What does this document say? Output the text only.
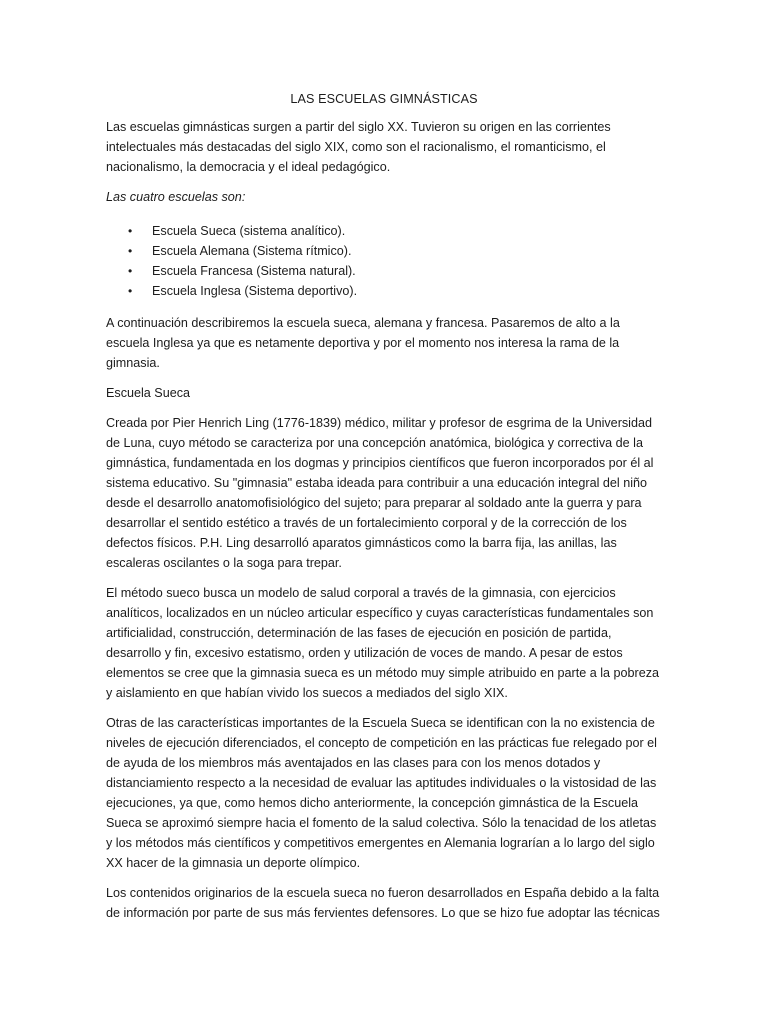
LAS ESCUELAS GIMNÁSTICAS

Las escuelas gimnásticas surgen a partir del siglo XX. Tuvieron su origen en las corrientes intelectuales más destacadas del siglo XIX, como son el racionalismo, el romanticismo, el nacionalismo, la democracia y el ideal pedagógico.

Las cuatro escuelas son:

• Escuela Sueca (sistema analítico).
• Escuela Alemana (Sistema rítmico).
• Escuela Francesa (Sistema natural).
• Escuela Inglesa (Sistema deportivo).

A continuación describiremos la escuela sueca, alemana y francesa. Pasaremos de alto a la escuela Inglesa ya que es netamente deportiva y por el momento nos interesa la rama de la gimnasia.

Escuela Sueca

Creada por Pier Henrich Ling (1776-1839) médico, militar y profesor de esgrima de la Universidad de Luna, cuyo método se caracteriza por una concepción anatómica, biológica y correctiva de la gimnástica, fundamentada en los dogmas y principios científicos que fueron incorporados por él al sistema educativo. Su "gimnasia" estaba ideada para contribuir a una educación integral del niño desde el desarrollo anatomofisiológico del sujeto; para preparar al soldado ante la guerra y para desarrollar el sentido estético a través de un fortalecimiento corporal y de la corrección de los defectos físicos. P.H. Ling desarrolló aparatos gimnásticos como la barra fija, las anillas, las escaleras oscilantes o la soga para trepar.

El método sueco busca un modelo de salud corporal a través de la gimnasia, con ejercicios analíticos, localizados en un núcleo articular específico y cuyas características fundamentales son artificialidad, construcción, determinación de las fases de ejecución en posición de partida, desarrollo y fin, excesivo estatismo, orden y utilización de voces de mando. A pesar de estos elementos se cree que la gimnasia sueca es un método muy simple atribuido en parte a la pobreza y aislamiento en que habían vivido los suecos a mediados del siglo XIX.

Otras de las características importantes de la Escuela Sueca se identifican con la no existencia de niveles de ejecución diferenciados, el concepto de competición en las prácticas fue relegado por el de ayuda de los miembros más aventajados en las clases para con los menos dotados y distanciamiento respecto a la necesidad de evaluar las aptitudes individuales o la vistosidad de las ejecuciones, ya que, como hemos dicho anteriormente, la concepción gimnástica de la Escuela Sueca se aproximó siempre hacia el fomento de la salud colectiva. Sólo la tenacidad de los atletas y los métodos más científicos y competitivos emergentes en Alemania lograrían a lo largo del siglo XX hacer de la gimnasia un deporte olímpico.

Los contenidos originarios de la escuela sueca no fueron desarrollados en España debido a la falta de información por parte de sus más fervientes defensores. Lo que se hizo fue adoptar las técnicas
